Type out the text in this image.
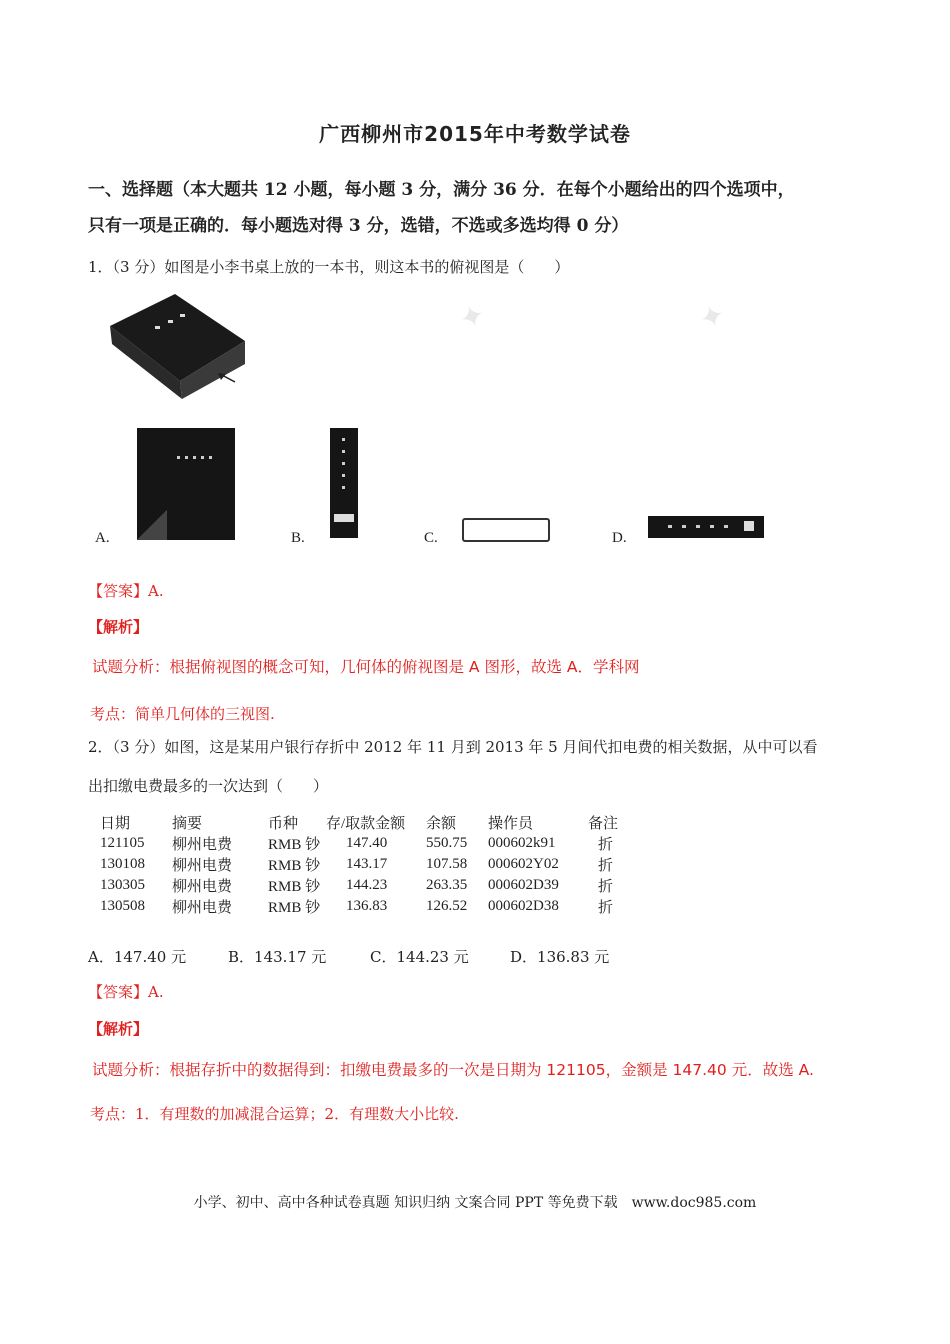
✦	✦
广西柳州市2015年中考数学试卷
一、选择题（本大题共 12 小题，每小题 3 分，满分 36 分．在每个小题给出的四个选项中，
只有一项是正确的．每小题选对得 3 分，选错，不选或多选均得 0 分）
1．（3 分）如图是小李书桌上放的一本书，则这本书的俯视图是（　　）
A.	B.	C.	D.
【答案】A.
【解析】
试题分析：根据俯视图的概念可知，几何体的俯视图是 A 图形，故选 A．学科网
考点：简单几何体的三视图.
2．（3 分）如图，这是某用户银行存折中 2012 年 11 月到 2013 年 5 月间代扣电费的相关数据，从中可以看
出扣缴电费最多的一次达到（　　）
日期	摘要	币种	存/取款金额	余额	操作员	备注
121105	柳州电费	RMB 钞	147.40	550.75	000602k91	折
130108	柳州电费	RMB 钞	143.17	107.58	000602Y02	折
130305	柳州电费	RMB 钞	144.23	263.35	000602D39	折
130508	柳州电费	RMB 钞	136.83	126.52	000602D38	折
A．147.40 元	B．143.17 元	C．144.23 元	D．136.83 元
【答案】A.
【解析】
试题分析：根据存折中的数据得到：扣缴电费最多的一次是日期为 121105，金额是 147.40 元．故选 A.
考点：1．有理数的加减混合运算；2．有理数大小比较.
小学、初中、高中各种试卷真题 知识归纳 文案合同 PPT 等免费下载　www.doc985.com
